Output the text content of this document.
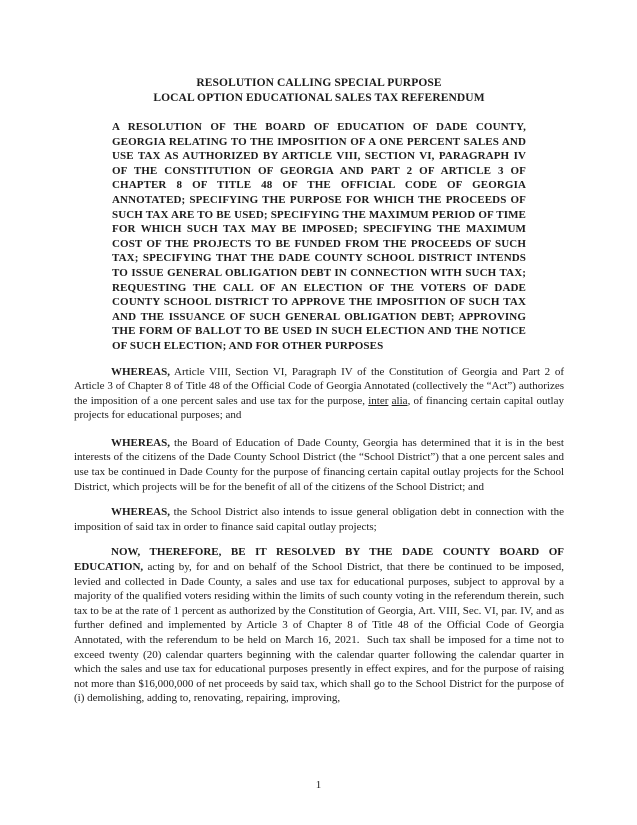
RESOLUTION CALLING SPECIAL PURPOSE
LOCAL OPTION EDUCATIONAL SALES TAX REFERENDUM
A RESOLUTION OF THE BOARD OF EDUCATION OF DADE COUNTY, GEORGIA RELATING TO THE IMPOSITION OF A ONE PERCENT SALES AND USE TAX AS AUTHORIZED BY ARTICLE VIII, SECTION VI, PARAGRAPH IV OF THE CONSTITUTION OF GEORGIA AND PART 2 OF ARTICLE 3 OF CHAPTER 8 OF TITLE 48 OF THE OFFICIAL CODE OF GEORGIA ANNOTATED; SPECIFYING THE PURPOSE FOR WHICH THE PROCEEDS OF SUCH TAX ARE TO BE USED; SPECIFYING THE MAXIMUM PERIOD OF TIME FOR WHICH SUCH TAX MAY BE IMPOSED; SPECIFYING THE MAXIMUM COST OF THE PROJECTS TO BE FUNDED FROM THE PROCEEDS OF SUCH TAX; SPECIFYING THAT THE DADE COUNTY SCHOOL DISTRICT INTENDS TO ISSUE GENERAL OBLIGATION DEBT IN CONNECTION WITH SUCH TAX; REQUESTING THE CALL OF AN ELECTION OF THE VOTERS OF DADE COUNTY SCHOOL DISTRICT TO APPROVE THE IMPOSITION OF SUCH TAX AND THE ISSUANCE OF SUCH GENERAL OBLIGATION DEBT; APPROVING THE FORM OF BALLOT TO BE USED IN SUCH ELECTION AND THE NOTICE OF SUCH ELECTION; AND FOR OTHER PURPOSES

WHEREAS, Article VIII, Section VI, Paragraph IV of the Constitution of Georgia and Part 2 of Article 3 of Chapter 8 of Title 48 of the Official Code of Georgia Annotated (collectively the “Act”) authorizes the imposition of a one percent sales and use tax for the purpose, inter alia, of financing certain capital outlay projects for educational purposes; and

WHEREAS, the Board of Education of Dade County, Georgia has determined that it is in the best interests of the citizens of the Dade County School District (the “School District”) that a one percent sales and use tax be continued in Dade County for the purpose of financing certain capital outlay projects for the School District, which projects will be for the benefit of all of the citizens of the School District; and

WHEREAS, the School District also intends to issue general obligation debt in connection with the imposition of said tax in order to finance said capital outlay projects;

NOW, THEREFORE, BE IT RESOLVED BY THE DADE COUNTY BOARD OF EDUCATION, acting by, for and on behalf of the School District, that there be continued to be imposed, levied and collected in Dade County, a sales and use tax for educational purposes, subject to approval by a majority of the qualified voters residing within the limits of such county voting in the referendum therein, such tax to be at the rate of 1 percent as authorized by the Constitution of Georgia, Art. VIII, Sec. VI, par. IV, and as further defined and implemented by Article 3 of Chapter 8 of Title 48 of the Official Code of Georgia Annotated, with the referendum to be held on March 16, 2021.  Such tax shall be imposed for a time not to exceed twenty (20) calendar quarters beginning with the calendar quarter following the calendar quarter in which the sales and use tax for educational purposes presently in effect expires, and for the purpose of raising not more than $16,000,000 of net proceeds by said tax, which shall go to the School District for the purpose of (i) demolishing, adding to, renovating, repairing, improving,

1
